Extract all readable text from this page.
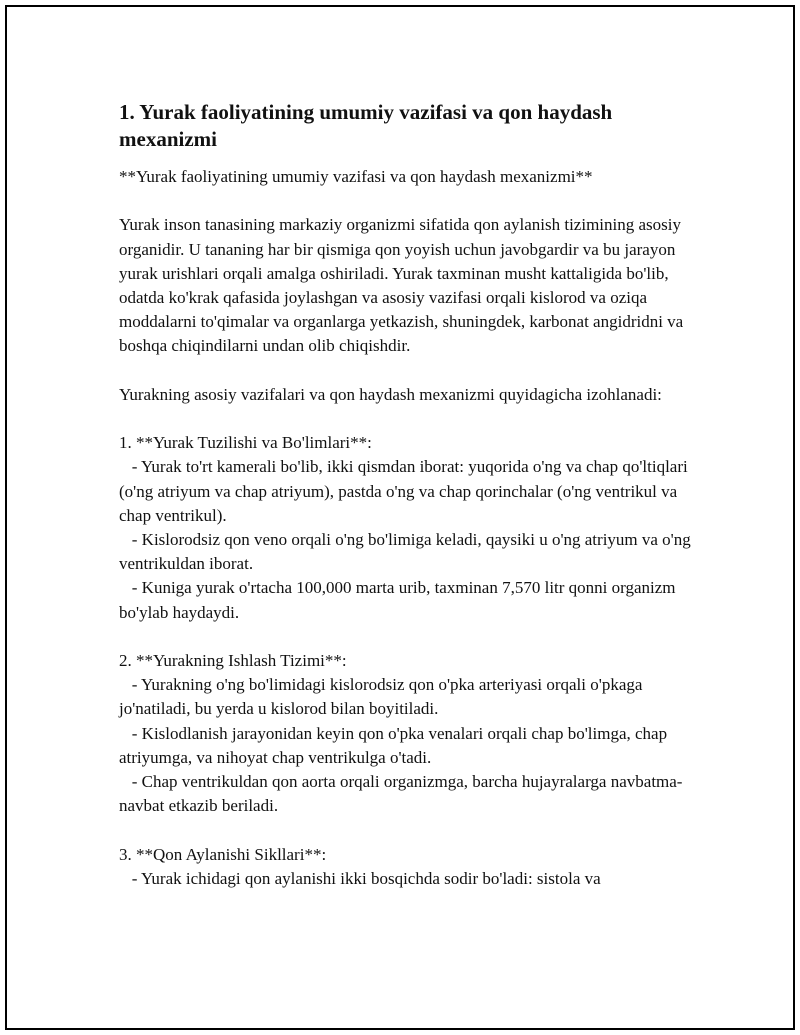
1. Yurak faoliyatining umumiy vazifasi va qon haydash mexanizmi
**Yurak faoliyatining umumiy vazifasi va qon haydash mexanizmi**

Yurak inson tanasining markaziy organizmi sifatida qon aylanish tizimining asosiy organidir. U tananing har bir qismiga qon yoyish uchun javobgardir va bu jarayon yurak urishlari orqali amalga oshiriladi. Yurak taxminan musht kattaligida bo'lib, odatda ko'krak qafasida joylashgan va asosiy vazifasi orqali kislorod va oziqa moddalarni to'qimalar va organlarga yetkazish, shuningdek, karbonat angidridni va boshqa chiqindilarni undan olib chiqishdir.

Yurakning asosiy vazifalari va qon haydash mexanizmi quyidagicha izohlanadi:

1. **Yurak Tuzilishi va Bo'limlari**:
- Yurak to'rt kamerali bo'lib, ikki qismdan iborat: yuqorida o'ng va chap qo'ltiqlari (o'ng atriyum va chap atriyum), pastda o'ng va chap qorinchalar (o'ng ventrikul va chap ventrikul).
- Kislorodsiz qon veno orqali o'ng bo'limiga keladi, qaysiki u o'ng atriyum va o'ng ventrikuldan iborat.
- Kuniga yurak o'rtacha 100,000 marta urib, taxminan 7,570 litr qonni organizm bo'ylab haydaydi.

2. **Yurakning Ishlash Tizimi**:
- Yurakning o'ng bo'limidagi kislorodsiz qon o'pka arteriyasi orqali o'pkaga jo'natiladi, bu yerda u kislorod bilan boyitiladi.
- Kislodlanish jarayonidan keyin qon o'pka venalari orqali chap bo'limga, chap atriyumga, va nihoyat chap ventrikulga o'tadi.
- Chap ventrikuldan qon aorta orqali organizmga, barcha hujayralarga navbatma-navbat etkazib beriladi.

3. **Qon Aylanishi Sikllari**:
- Yurak ichidagi qon aylanishi ikki bosqichda sodir bo'ladi: sistola va
